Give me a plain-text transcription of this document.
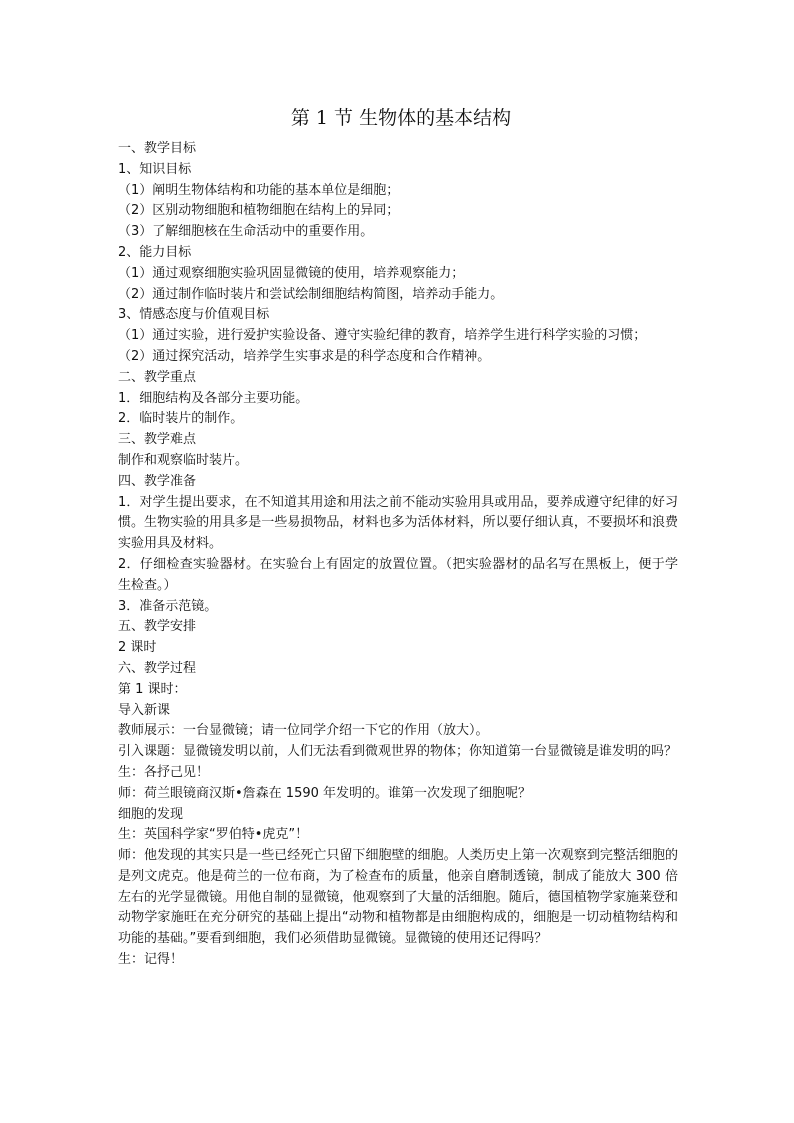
第 1 节 生物体的基本结构

一、教学目标

1、知识目标

（1）阐明生物体结构和功能的基本单位是细胞；

（2）区别动物细胞和植物细胞在结构上的异同；

（3）了解细胞核在生命活动中的重要作用。

2、能力目标

（1）通过观察细胞实验巩固显微镜的使用，培养观察能力；

（2）通过制作临时装片和尝试绘制细胞结构简图，培养动手能力。

3、情感态度与价值观目标

（1）通过实验，进行爱护实验设备、遵守实验纪律的教育，培养学生进行科学实验的习惯；

（2）通过探究活动，培养学生实事求是的科学态度和合作精神。

二、教学重点

1．细胞结构及各部分主要功能。

2．临时装片的制作。

三、教学难点

制作和观察临时装片。

四、教学准备

1．对学生提出要求，在不知道其用途和用法之前不能动实验用具或用品，要养成遵守纪律的好习惯。生物实验的用具多是一些易损物品，材料也多为活体材料，所以要仔细认真，不要损坏和浪费实验用具及材料。

2．仔细检查实验器材。在实验台上有固定的放置位置。（把实验器材的品名写在黑板上，便于学生检查。）

3．准备示范镜。

五、教学安排

2 课时

六、教学过程

第 1 课时：

导入新课

教师展示：一台显微镜；请一位同学介绍一下它的作用（放大）。

引入课题：显微镜发明以前，人们无法看到微观世界的物体；你知道第一台显微镜是谁发明的吗？

生：各抒己见！

师：荷兰眼镜商汉斯•詹森在 1590 年发明的。谁第一次发现了细胞呢？

细胞的发现

生：英国科学家“罗伯特•虎克”！

师：他发现的其实只是一些已经死亡只留下细胞壁的细胞。人类历史上第一次观察到完整活细胞的是列文虎克。他是荷兰的一位布商，为了检查布的质量，他亲自磨制透镜，制成了能放大 300 倍左右的光学显微镜。用他自制的显微镜，他观察到了大量的活细胞。随后，德国植物学家施莱登和动物学家施旺在充分研究的基础上提出“动物和植物都是由细胞构成的，细胞是一切动植物结构和功能的基础。”要看到细胞，我们必须借助显微镜。显微镜的使用还记得吗？

生：记得！
